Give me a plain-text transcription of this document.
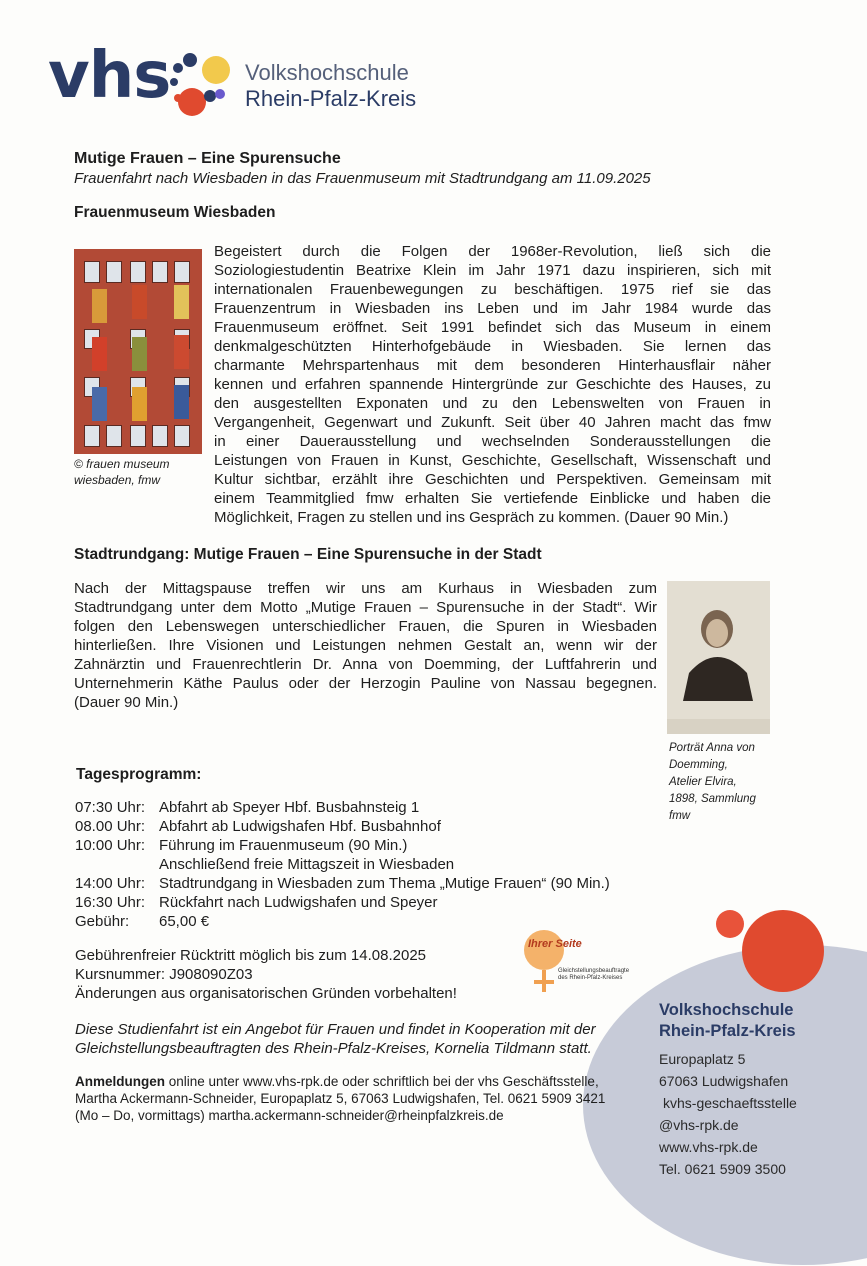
vhs	Volkshochschule
Rhein-Pfalz-Kreis
Mutige Frauen – Eine Spurensuche
Frauenfahrt nach Wiesbaden in das Frauenmuseum mit Stadtrundgang am 11.09.2025
Frauenmuseum Wiesbaden
© frauen museum
wiesbaden, fmw
Begeistert durch die Folgen der 1968er-Revolution, ließ sich die
Soziologiestudentin Beatrixe Klein im Jahr 1971 dazu inspirieren, sich mit
internationalen Frauenbewegungen zu beschäftigen. 1975 rief sie das
Frauenzentrum in Wiesbaden ins Leben und im Jahr 1984 wurde das
Frauenmuseum eröffnet. Seit 1991 befindet sich das Museum in einem
denkmalgeschützten Hinterhofgebäude in Wiesbaden. Sie lernen das
charmante Mehrspartenhaus mit dem besonderen Hinterhausflair näher
kennen und erfahren spannende Hintergründe zur Geschichte des Hauses, zu
den ausgestellten Exponaten und zu den Lebenswelten von Frauen in
Vergangenheit, Gegenwart und Zukunft. Seit über 40 Jahren macht das fmw
in einer Dauerausstellung und wechselnden Sonderausstellungen die
Leistungen von Frauen in Kunst, Geschichte, Gesellschaft, Wissenschaft und
Kultur sichtbar, erzählt ihre Geschichten und Perspektiven. Gemeinsam mit
einem Teammitglied fmw erhalten Sie vertiefende Einblicke und haben die
Möglichkeit, Fragen zu stellen und ins Gespräch zu kommen. (Dauer 90 Min.)
Stadtrundgang: Mutige Frauen – Eine Spurensuche in der Stadt
Nach der Mittagspause treffen wir uns am Kurhaus in Wiesbaden zum
Stadtrundgang unter dem Motto „Mutige Frauen – Spurensuche in der Stadt“. Wir
folgen den Lebenswegen unterschiedlicher Frauen, die Spuren in Wiesbaden
hinterließen. Ihre Visionen und Leistungen nehmen Gestalt an, wenn wir der
Zahnärztin und Frauenrechtlerin Dr. Anna von Doemming, der Luftfahrerin und
Unternehmerin Käthe Paulus oder der Herzogin Pauline von Nassau begegnen.
(Dauer 90 Min.)
Porträt Anna von
Doemming,
Atelier Elvira,
1898, Sammlung
fmw
Tagesprogramm:
07:30 Uhr:	Abfahrt ab Speyer Hbf. Busbahnsteig 1
08.00 Uhr:	Abfahrt ab Ludwigshafen Hbf. Busbahnhof
10:00 Uhr:	Führung im Frauenmuseum (90 Min.)
	Anschließend freie Mittagszeit in Wiesbaden
14:00 Uhr:	Stadtrundgang in Wiesbaden zum Thema „Mutige Frauen“ (90 Min.)
16:30 Uhr:	Rückfahrt nach Ludwigshafen und Speyer
Gebühr:	65,00 €
Gebührenfreier Rücktritt möglich bis zum 14.08.2025
Kursnummer: J908090Z03
Änderungen aus organisatorischen Gründen vorbehalten!
Ihrer Seite
Gleichstellungsbeauftragte
des Rhein-Pfalz-Kreises
Diese Studienfahrt ist ein Angebot für Frauen und findet in Kooperation mit der
Gleichstellungsbeauftragten des Rhein-Pfalz-Kreises, Kornelia Tildmann statt.
Anmeldungen online unter www.vhs-rpk.de oder schriftlich bei der vhs Geschäftsstelle,
Martha Ackermann-Schneider, Europaplatz 5, 67063 Ludwigshafen, Tel. 0621 5909 3421
(Mo – Do, vormittags) martha.ackermann-schneider@rheinpfalzkreis.de
Volkshochschule
Rhein-Pfalz-Kreis
Europaplatz 5
67063 Ludwigshafen
kvhs-geschaeftsstelle
@vhs-rpk.de
www.vhs-rpk.de
Tel. 0621 5909 3500
